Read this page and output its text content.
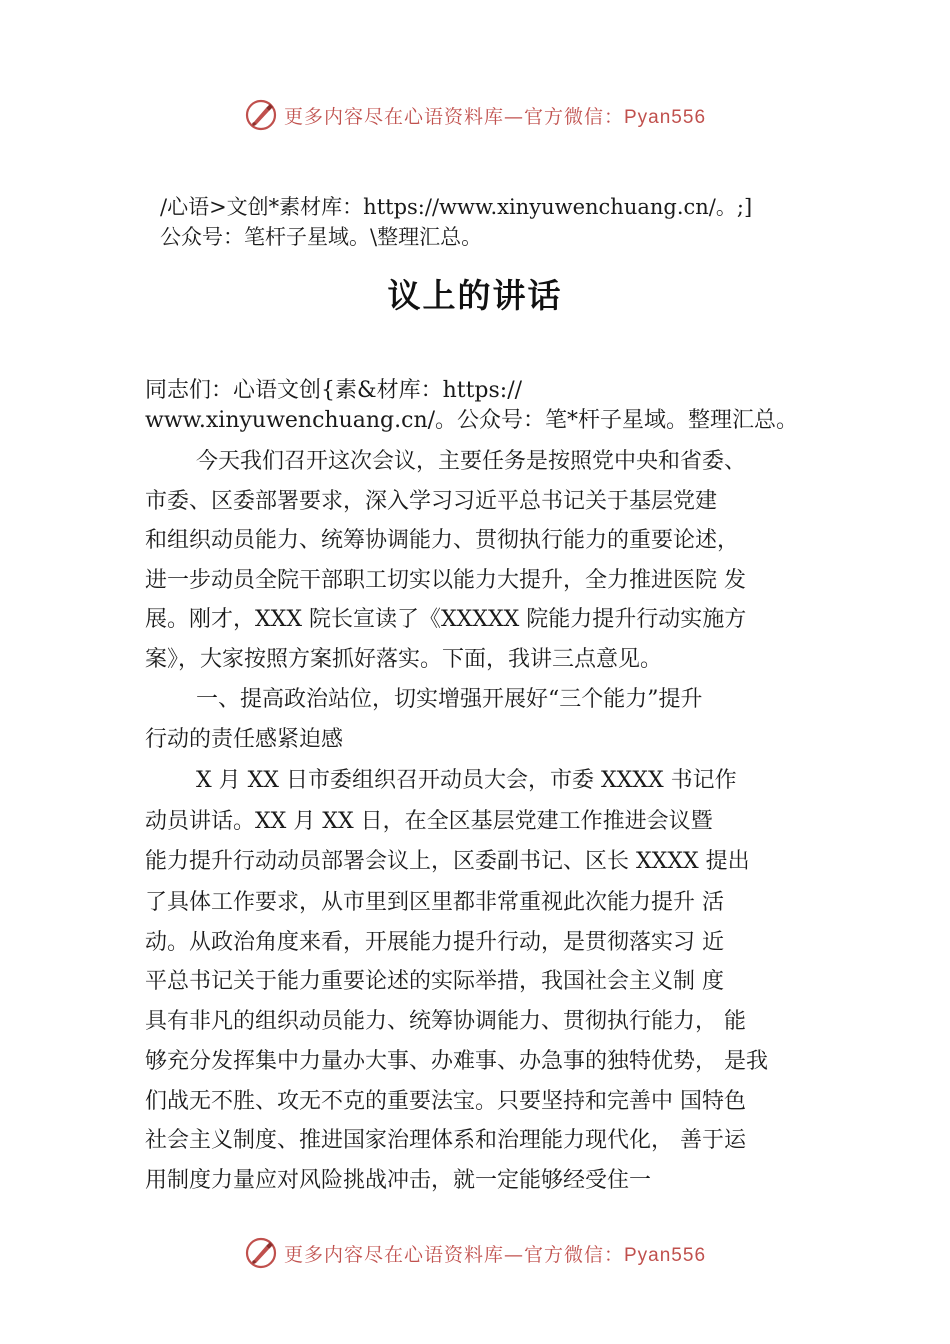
更多内容尽在心语资料库—官方微信：Pyan556
/心语>文创*素材库：https://www.xinyuwenchuang.cn/。;]
公众号：笔杆子星域。\整理汇总。
议上的讲话
同志们：心语文创{素&材库：https://
www.xinyuwenchuang.cn/。公众号：笔*杆子星域。整理汇总。
今天我们召开这次会议，主要任务是按照党中央和省委、
市委、区委部署要求，深入学习习近平总书记关于基层党建
和组织动员能力、统筹协调能力、贯彻执行能力的重要论述，
进一步动员全院干部职工切实以能力大提升，全力推进医院 发
展。刚才，XXX 院长宣读了《XXXXX 院能力提升行动实施方
案》，大家按照方案抓好落实。下面，我讲三点意见。
一、提高政治站位，切实增强开展好“三个能力”提升
行动的责任感紧迫感
X 月 XX 日市委组织召开动员大会，市委 XXXX 书记作
动员讲话。XX 月 XX 日，在全区基层党建工作推进会议暨
能力提升行动动员部署会议上，区委副书记、区长 XXXX 提出
了具体工作要求，从市里到区里都非常重视此次能力提升 活
动。从政治角度来看，开展能力提升行动，是贯彻落实习 近
平总书记关于能力重要论述的实际举措，我国社会主义制 度
具有非凡的组织动员能力、统筹协调能力、贯彻执行能力， 能
够充分发挥集中力量办大事、办难事、办急事的独特优势， 是我
们战无不胜、攻无不克的重要法宝。只要坚持和完善中 国特色
社会主义制度、推进国家治理体系和治理能力现代化， 善于运
用制度力量应对风险挑战冲击，就一定能够经受住一
更多内容尽在心语资料库—官方微信：Pyan556
